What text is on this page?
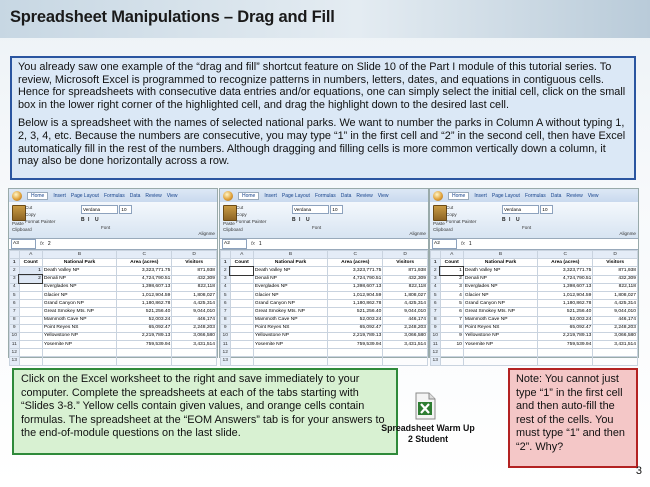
Spreadsheet Manipulations – Drag and Fill

You already saw one example of the “drag and fill” shortcut feature on Slide 10 of the Part I module of this tutorial series. To review, Microsoft Excel is programmed to recognize patterns in numbers, letters, dates, and equations in contiguous cells. Hence for spreadsheets with consecutive data entries and/or equations, one can simply select the initial cell, click on the small box in the lower right corner of the highlighted cell, and drag the highlight down to the desired last cell.

Below is a spreadsheet with the names of selected national parks. We want to number the parks in Column A without typing 1, 2, 3, 4, etc. Because the numbers are consecutive, you may type “1” in the first cell and “2” in the second cell, then have Excel automatically fill in the rest of the numbers. Although dragging and filling cells is more common vertically down a column, it may also be done horizontally across a row.

Home	Insert Page Layout Formulas Data Review View
Paste
Clipboard
Cut
Copy
Format Painter
Verdana	10
B I U
Font
Alignme
A3	fx 2
	A	B	C	D
1	Count	National Park	Area (acres)	Visitors
2	1	Death Valley NP	3,323,771.75	871,938
3	2	Denali NP	4,724,790.51	432,309
4		Everglades NP	1,398,607.13	822,118
5		Glacier NP	1,012,904.59	1,808,027
6		Grand Canyon NP	1,180,862.78	4,425,314
7		Great Smokey Mts. NP	521,256.40	9,044,010
8		Mammoth Cave NP	52,003.24	446,174
9		Point Reyes NS	65,092.47	2,248,203
10		Yellowstone NP	2,219,789.13	3,066,580
11		Yosemite NP	759,539.94	3,431,514
12				
13				
Home	Insert Page Layout Formulas Data Review View
Paste
Clipboard
Cut
Copy
Format Painter
Verdana	10
B I U
Font
Alignme
A2	fx 1
	A	B	C	D
1	Count	National Park	Area (acres)	Visitors
2		Death Valley NP	3,323,771.75	871,938
3		Denali NP	4,724,790.51	432,309
4		Everglades NP	1,398,607.13	822,118
5		Glacier NP	1,012,904.59	1,808,027
6		Grand Canyon NP	1,180,862.78	4,425,314
7		Great Smokey Mts. NP	521,256.40	9,044,010
8		Mammoth Cave NP	52,003.24	446,174
9		Point Reyes NS	65,092.47	2,248,203
10		Yellowstone NP	2,219,789.13	3,066,580
11		Yosemite NP	759,539.94	3,431,514
12				
13				
Home	Insert Page Layout Formulas Data Review View
Paste
Clipboard
Cut
Copy
Format Painter
Verdana	10
B I U
Font
Alignme
A2	fx 1
	A	B	C	D
1	Count	National Park	Area (acres)	Visitors
2	1	Death Valley NP	3,323,771.75	871,938
3	2	Denali NP	4,724,790.51	432,309
4	3	Everglades NP	1,398,607.13	822,118
5	4	Glacier NP	1,012,904.59	1,808,027
6	5	Grand Canyon NP	1,180,862.78	4,425,314
7	6	Great Smokey Mts. NP	521,256.40	9,044,010
8	7	Mammoth Cave NP	52,003.24	446,174
9	8	Point Reyes NS	65,092.47	2,248,203
10	9	Yellowstone NP	2,219,789.13	3,066,580
11	10	Yosemite NP	759,539.94	3,431,514
12				
13				
Click on the Excel worksheet to the right and save immediately to your computer. Complete the spreadsheets at each of the tabs starting with “Slides 3-8.” Yellow cells contain given values, and orange cells contain formulas. The spreadsheet at the “EOM Answers” tab is for your answers to the end-of-module questions on the last slide.	Spreadsheet Warm Up 2 Student
Note: You cannot just type “1” in the first cell and then auto-fill the rest of the cells. You must type “1” and then “2”. Why?
3
